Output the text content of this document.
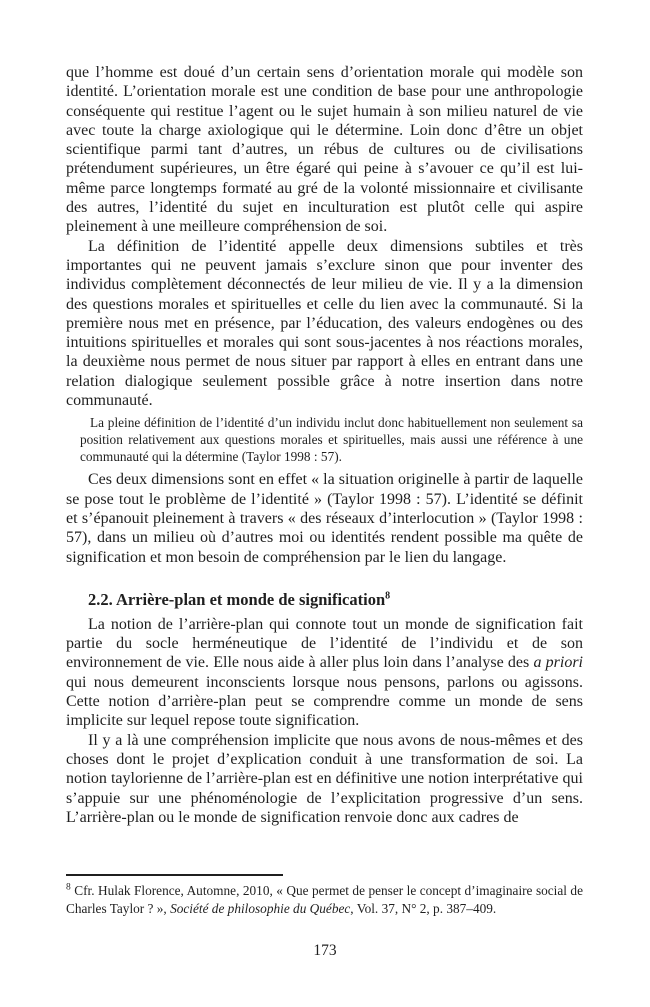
que l’homme est doué d’un certain sens d’orientation morale qui modèle son identité. L’orientation morale est une condition de base pour une anthropologie conséquente qui restitue l’agent ou le sujet humain à son milieu naturel de vie avec toute la charge axiologique qui le détermine. Loin donc d’être un objet scientifique parmi tant d’autres, un rébus de cultures ou de civilisations prétendument supérieures, un être égaré qui peine à s’avouer ce qu’il est lui-même parce longtemps formaté au gré de la volonté missionnaire et civilisante des autres, l’identité du sujet en inculturation est plutôt celle qui aspire pleinement à une meilleure compréhension de soi.

La définition de l’identité appelle deux dimensions subtiles et très importantes qui ne peuvent jamais s’exclure sinon que pour inventer des individus complètement déconnectés de leur milieu de vie. Il y a la dimension des questions morales et spirituelles et celle du lien avec la communauté. Si la première nous met en présence, par l’éducation, des valeurs endogènes ou des intuitions spirituelles et morales qui sont sous-jacentes à nos réactions morales, la deuxième nous permet de nous situer par rapport à elles en entrant dans une relation dialogique seulement possible grâce à notre insertion dans notre communauté.

La pleine définition de l’identité d’un individu inclut donc habituellement non seulement sa position relativement aux questions morales et spirituelles, mais aussi une référence à une communauté qui la détermine (Taylor 1998 : 57).

Ces deux dimensions sont en effet « la situation originelle à partir de laquelle se pose tout le problème de l’identité » (Taylor 1998 : 57). L’identité se définit et s’épanouit pleinement à travers « des réseaux d’interlocution » (Taylor 1998 : 57), dans un milieu où d’autres moi ou identités rendent possible ma quête de signification et mon besoin de compréhension par le lien du langage.

2.2. Arrière-plan et monde de signification$^8$

La notion de l’arrière-plan qui connote tout un monde de signification fait partie du socle herméneutique de l’identité de l’individu et de son environnement de vie. Elle nous aide à aller plus loin dans l’analyse des a priori qui nous demeurent inconscients lorsque nous pensons, parlons ou agissons. Cette notion d’arrière-plan peut se comprendre comme un monde de sens implicite sur lequel repose toute signification.

Il y a là une compréhension implicite que nous avons de nous-mêmes et des choses dont le projet d’explication conduit à une transformation de soi. La notion taylorienne de l’arrière-plan est en définitive une notion interprétative qui s’appuie sur une phénoménologie de l’explicitation progressive d’un sens. L’arrière-plan ou le monde de signification renvoie donc aux cadres de

$^8$ Cfr. Hulak Florence, Automne, 2010, « Que permet de penser le concept d’imaginaire social de Charles Taylor ? », Société de philosophie du Québec, Vol. 37, N° 2, p. 387–409.

173
